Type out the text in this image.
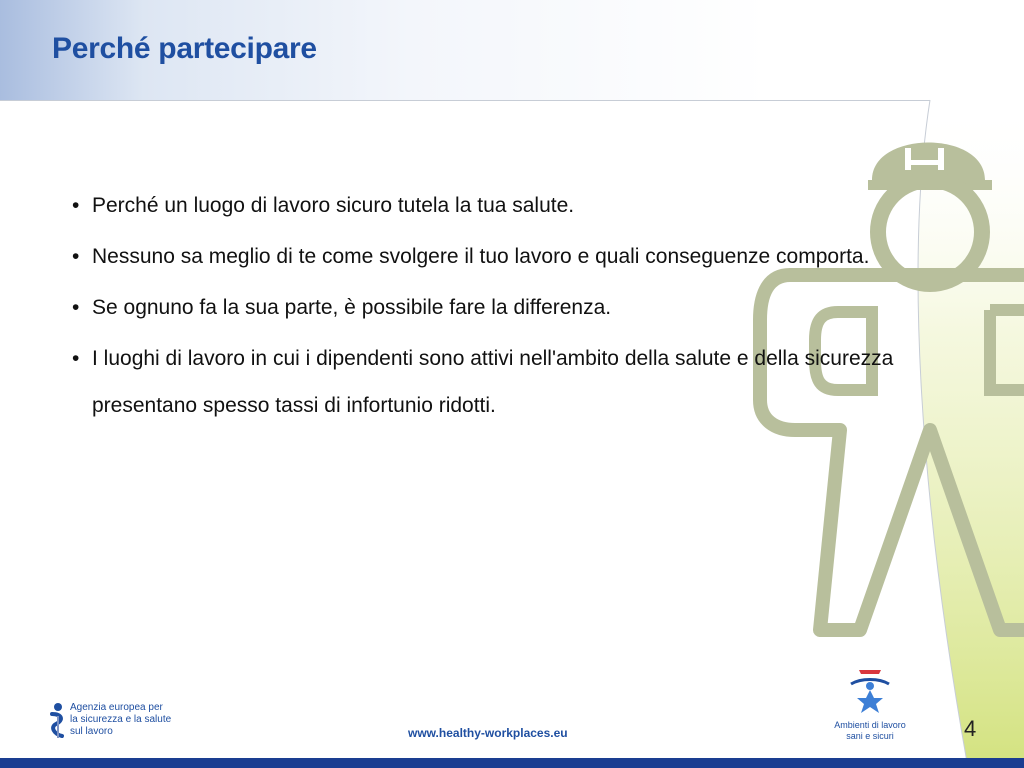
Perché partecipare
• Perché un luogo di lavoro sicuro tutela la tua salute.
• Nessuno sa meglio di te come svolgere il tuo lavoro e quali conseguenze comporta.
• Se ognuno fa la sua parte, è possibile fare la differenza.
• I luoghi di lavoro in cui i dipendenti sono attivi nell'ambito della salute e della sicurezza presentano spesso tassi di infortunio ridotti.
Agenzia europea per
la sicurezza e la salute
sul lavoro	www.healthy-workplaces.eu
Ambienti di lavoro
sani e sicuri	4
